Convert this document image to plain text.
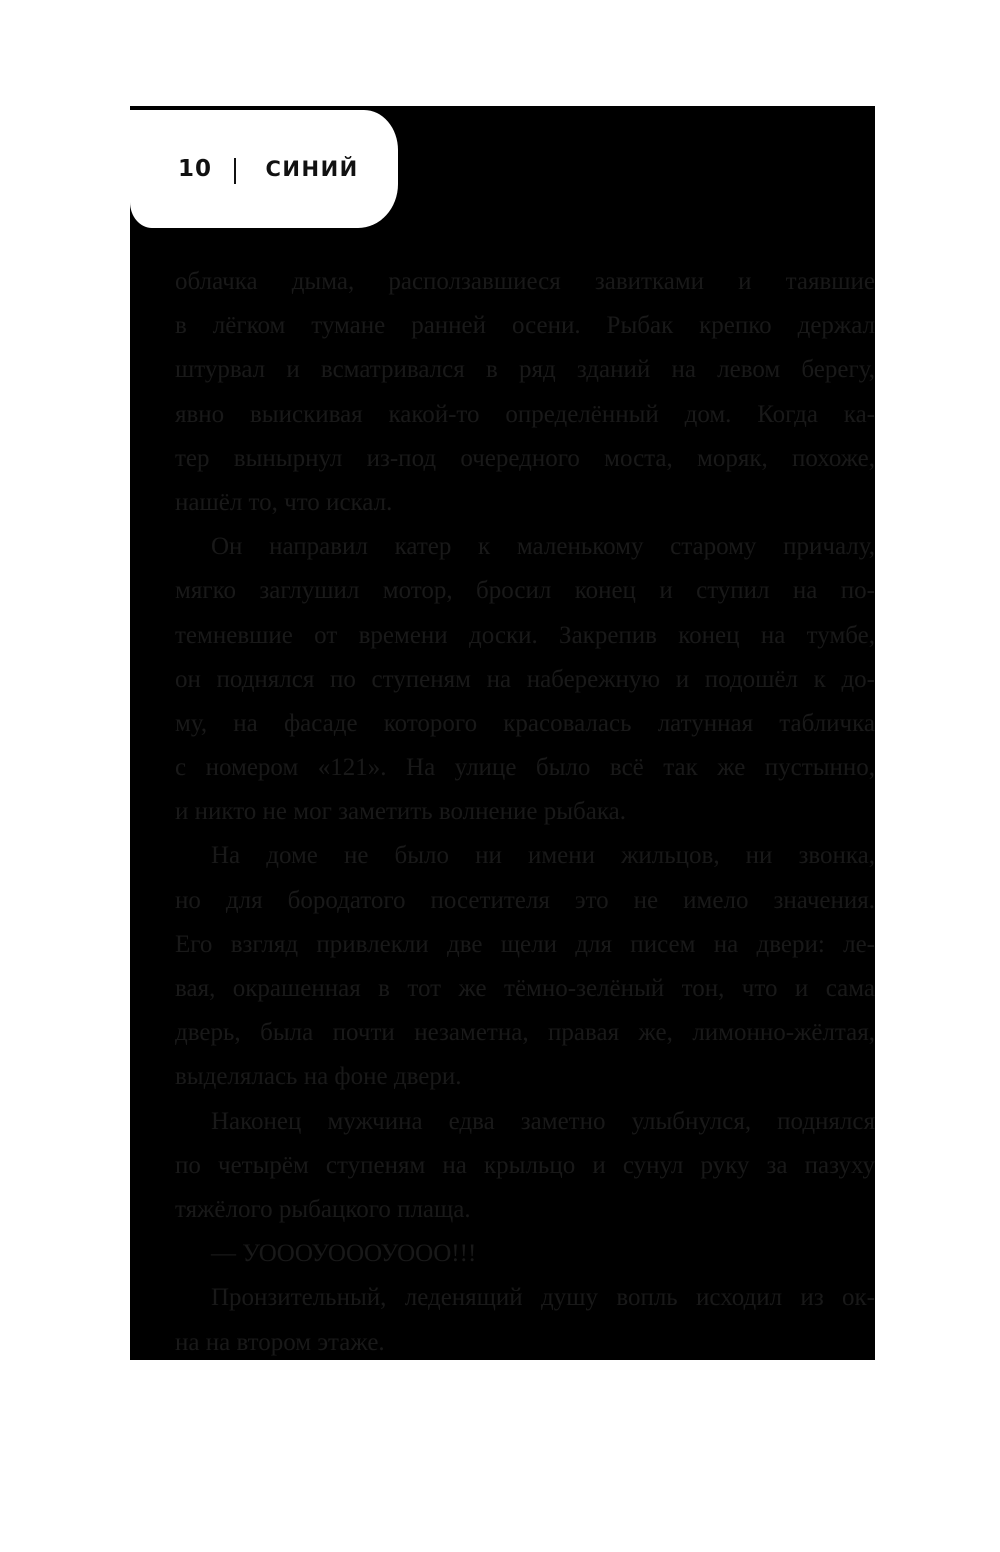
10	СИНИЙ
облачка дыма, расползавшиеся завитками и таявшие
в лёгком тумане ранней осени. Рыбак крепко держал
штурвал и всматривался в ряд зданий на левом берегу,
явно выискивая какой-то определённый дом. Когда ка-
тер вынырнул из-под очередного моста, моряк, похоже,
нашёл то, что искал.
Он направил катер к маленькому старому причалу,
мягко заглушил мотор, бросил конец и ступил на по-
темневшие от времени доски. Закрепив конец на тумбе,
он поднялся по ступеням на набережную и подошёл к до-
му, на фасаде которого красовалась латунная табличка
с номером «121». На улице было всё так же пустынно,
и никто не мог заметить волнение рыбака.
На доме не было ни имени жильцов, ни звонка,
но для бородатого посетителя это не имело значения.
Его взгляд привлекли две щели для писем на двери: ле-
вая, окрашенная в тот же тёмно-зелёный тон, что и сама
дверь, была почти незаметна, правая же, лимонно-жёлтая,
выделялась на фоне двери.
Наконец мужчина едва заметно улыбнулся, поднялся
по четырём ступеням на крыльцо и сунул руку за пазуху
тяжёлого рыбацкого плаща.
— УОООУОООУООО!!!
Пронзительный, леденящий душу вопль исходил из ок-
на на втором этаже.
